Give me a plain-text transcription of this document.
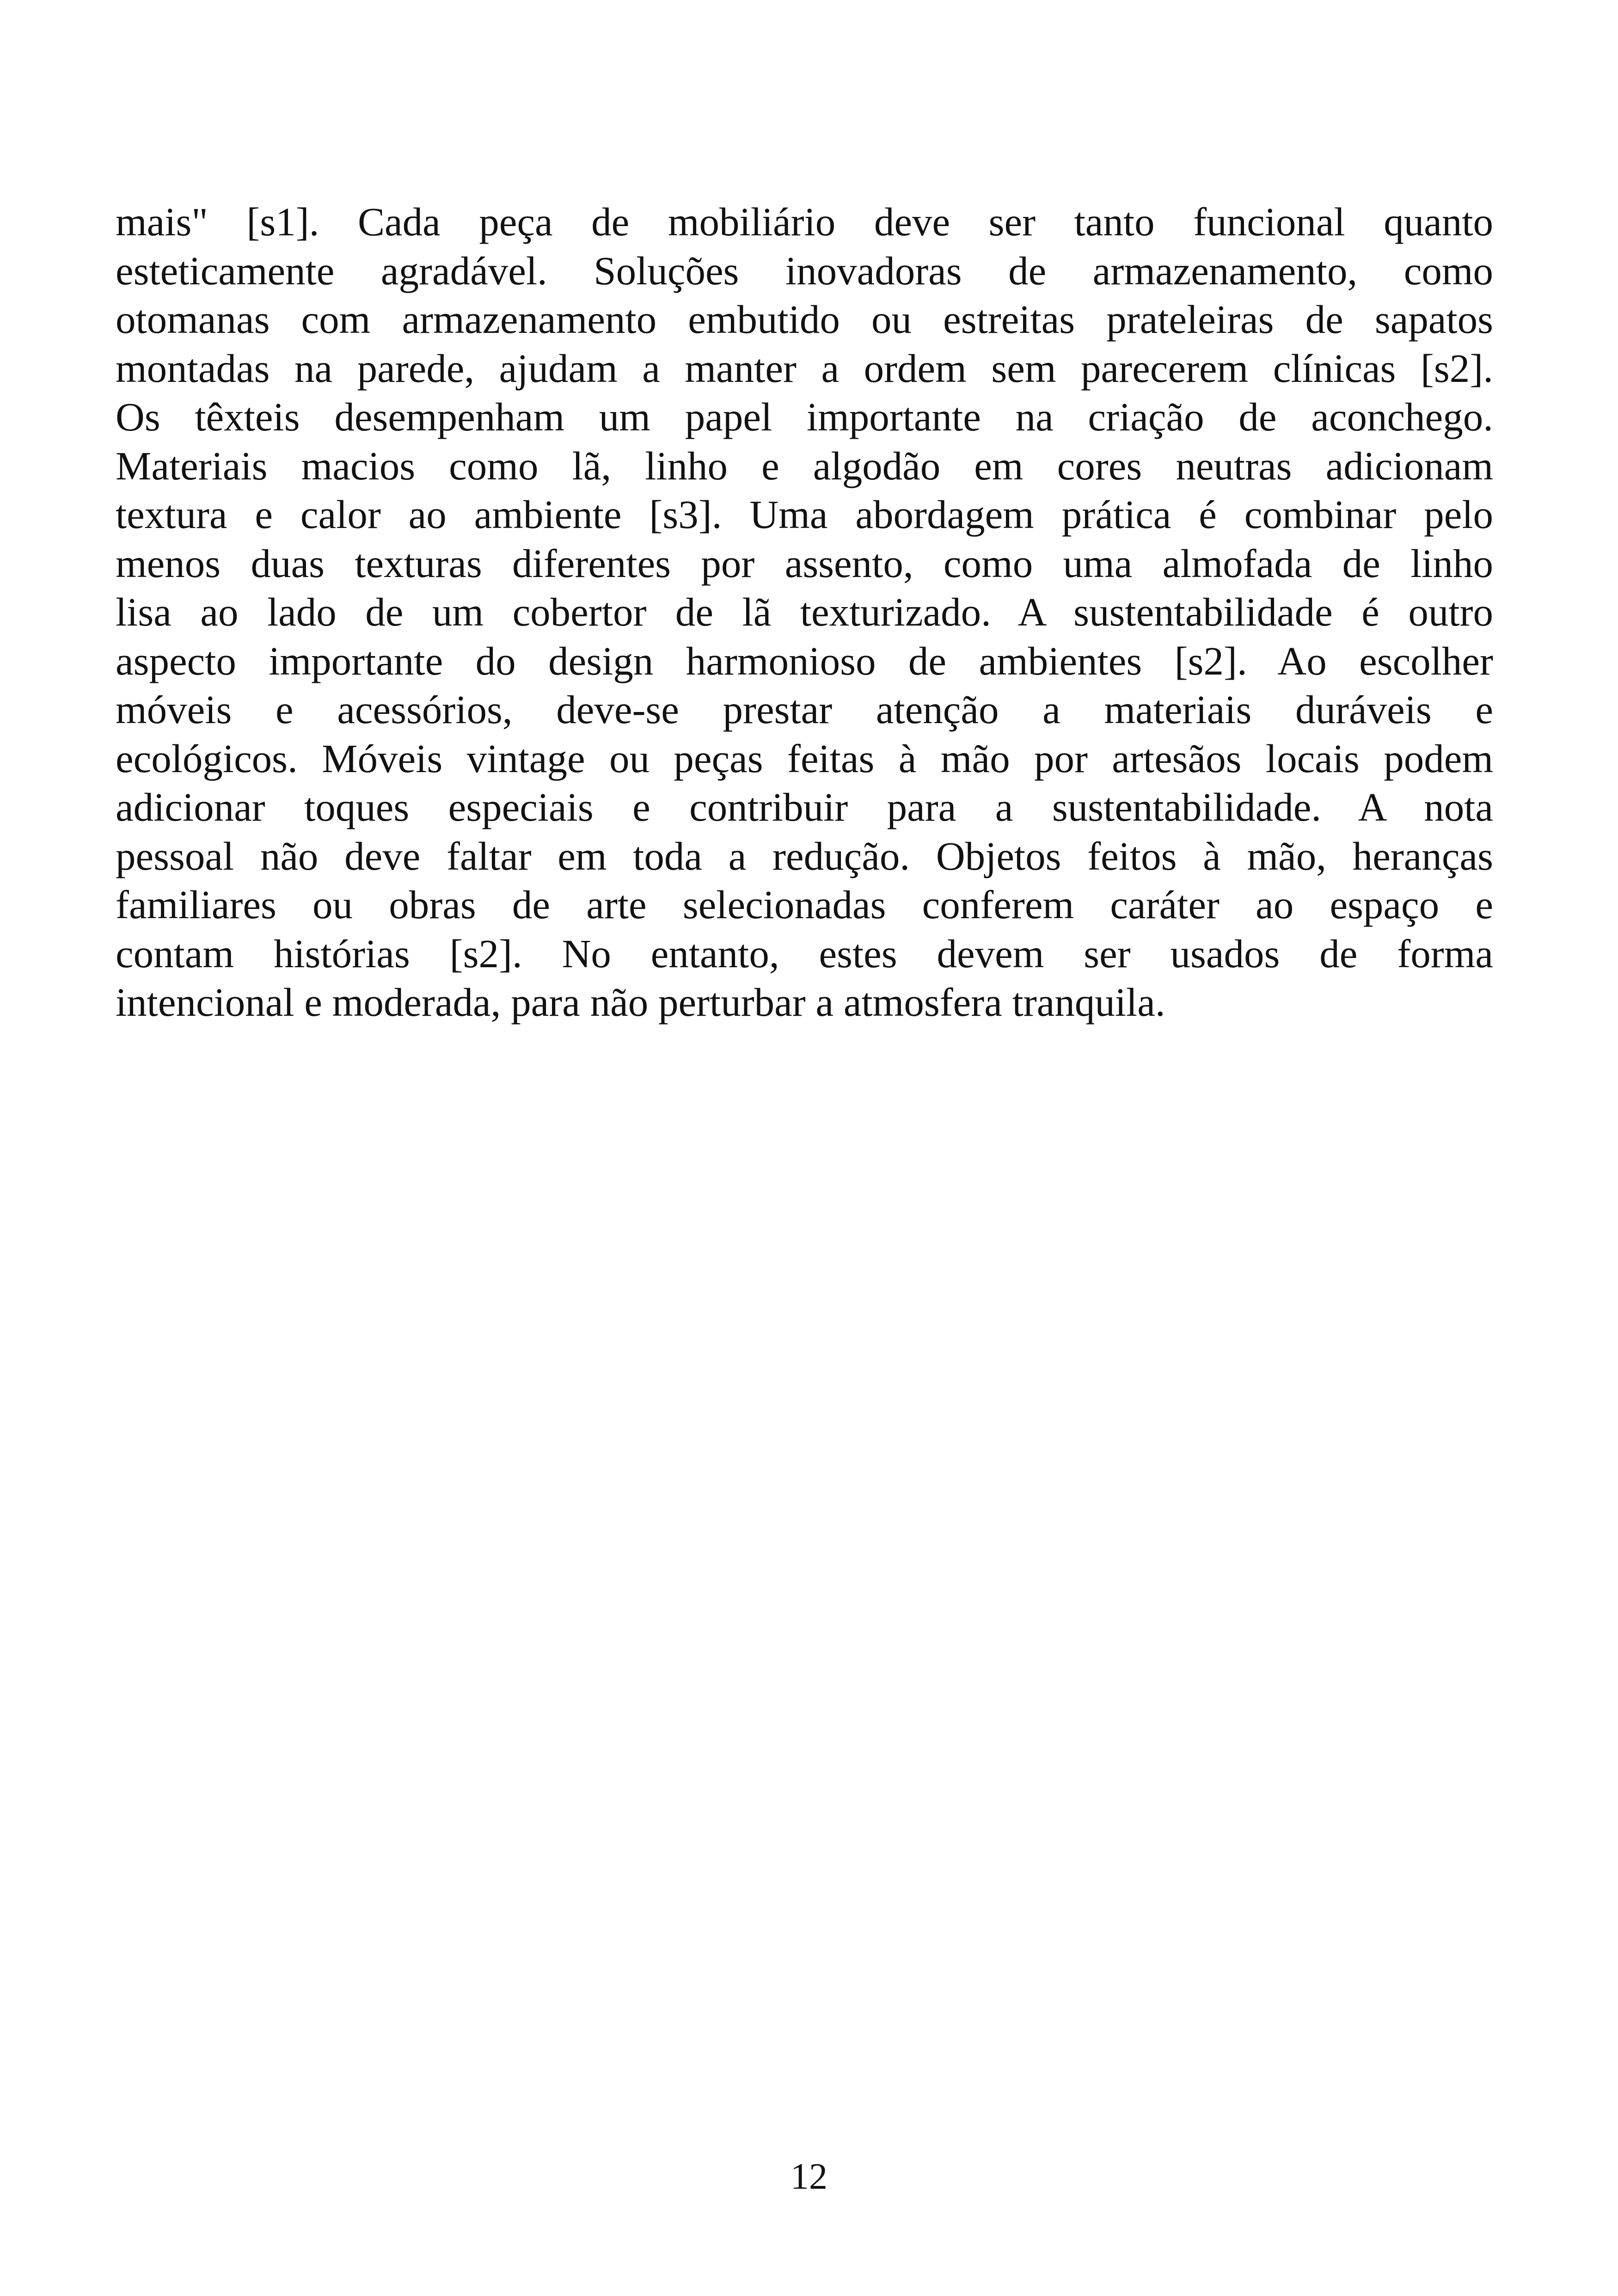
mais" [s1]. Cada peça de mobiliário deve ser tanto funcional quanto
esteticamente agradável. Soluções inovadoras de armazenamento, como
otomanas com armazenamento embutido ou estreitas prateleiras de sapatos
montadas na parede, ajudam a manter a ordem sem parecerem clínicas [s2].
Os têxteis desempenham um papel importante na criação de aconchego.
Materiais macios como lã, linho e algodão em cores neutras adicionam
textura e calor ao ambiente [s3]. Uma abordagem prática é combinar pelo
menos duas texturas diferentes por assento, como uma almofada de linho
lisa ao lado de um cobertor de lã texturizado. A sustentabilidade é outro
aspecto importante do design harmonioso de ambientes [s2]. Ao escolher
móveis e acessórios, deve-se prestar atenção a materiais duráveis e
ecológicos. Móveis vintage ou peças feitas à mão por artesãos locais podem
adicionar toques especiais e contribuir para a sustentabilidade. A nota
pessoal não deve faltar em toda a redução. Objetos feitos à mão, heranças
familiares ou obras de arte selecionadas conferem caráter ao espaço e
contam histórias [s2]. No entanto, estes devem ser usados de forma
intencional e moderada, para não perturbar a atmosfera tranquila.
12
